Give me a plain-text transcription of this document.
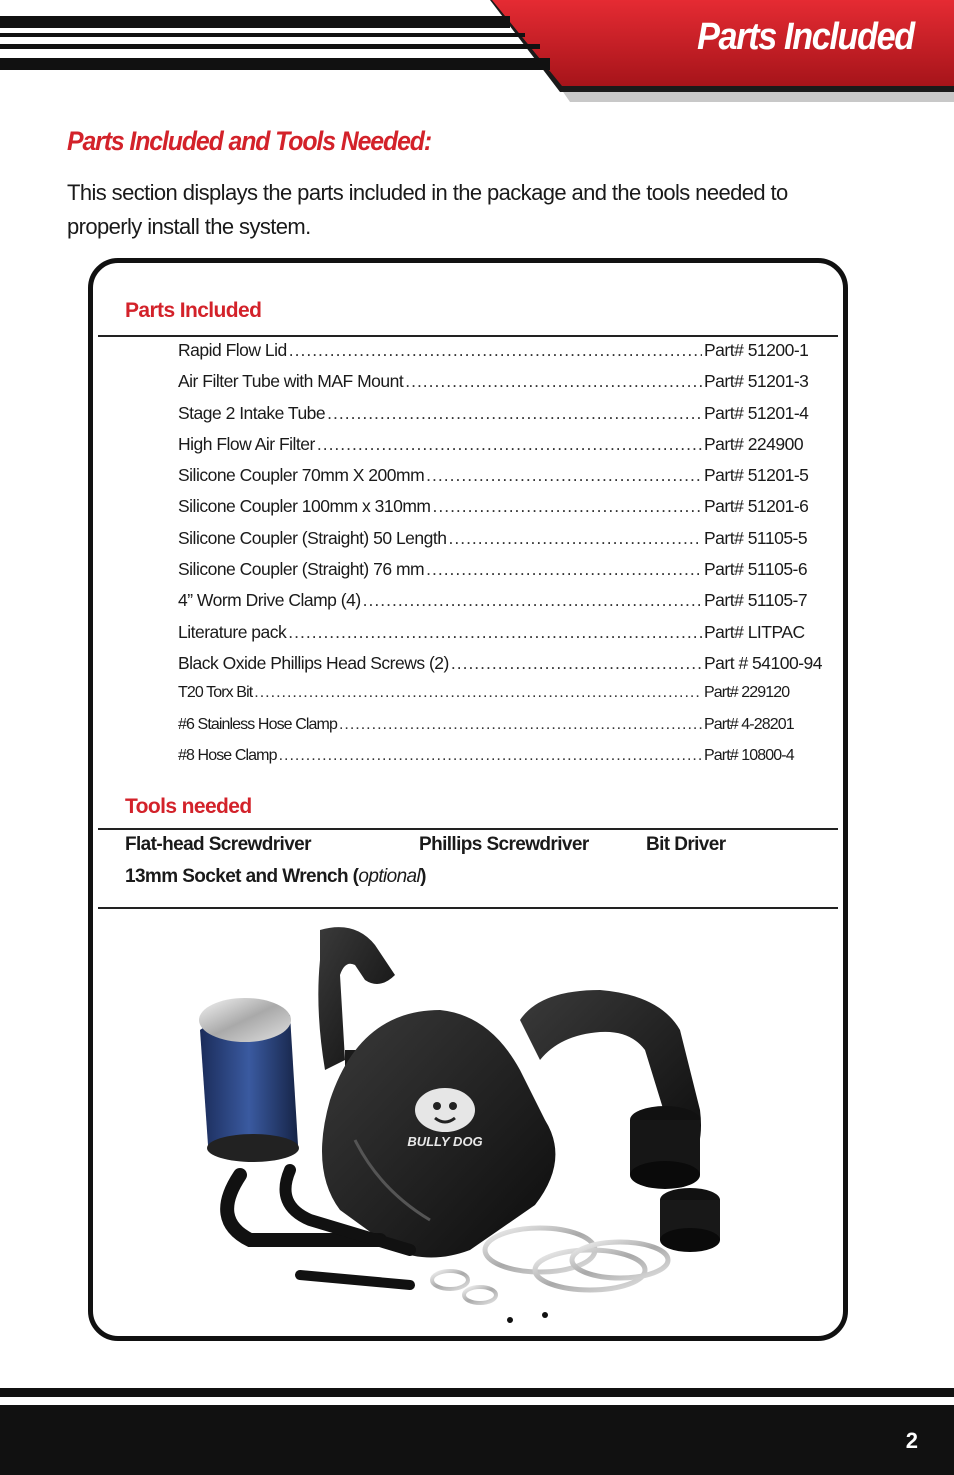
Parts Included
Parts Included and Tools Needed:
This section displays the parts included in the package and the tools needed to properly install the system.
Parts Included
Tools needed
Rapid Flow Lid .....	Part# 51200-1
Air Filter Tube with MAF Mount .....	Part# 51201-3
Stage 2 Intake Tube .....	Part# 51201-4
High Flow Air Filter .....	Part# 224900
Silicone Coupler 70mm X 200mm .....	Part# 51201-5
Silicone Coupler 100mm x 310mm .....	Part# 51201-6
Silicone Coupler (Straight) 50 Length .....	Part# 51105-5
Silicone Coupler (Straight) 76 mm .....	Part# 51105-6
4” Worm Drive Clamp (4) .....	Part# 51105-7
Literature pack .....	Part# LITPAC
Black Oxide Phillips Head Screws (2) .....	Part # 54100-94
T20 Torx Bit .....	Part# 229120
#6 Stainless Hose Clamp .....	Part# 4-28201
#8 Hose Clamp .....	Part# 10800-4
Flat-head Screwdriver	Phillips Screwdriver	Bit Driver
13mm Socket and Wrench (optional)
BULLY DOG
2
